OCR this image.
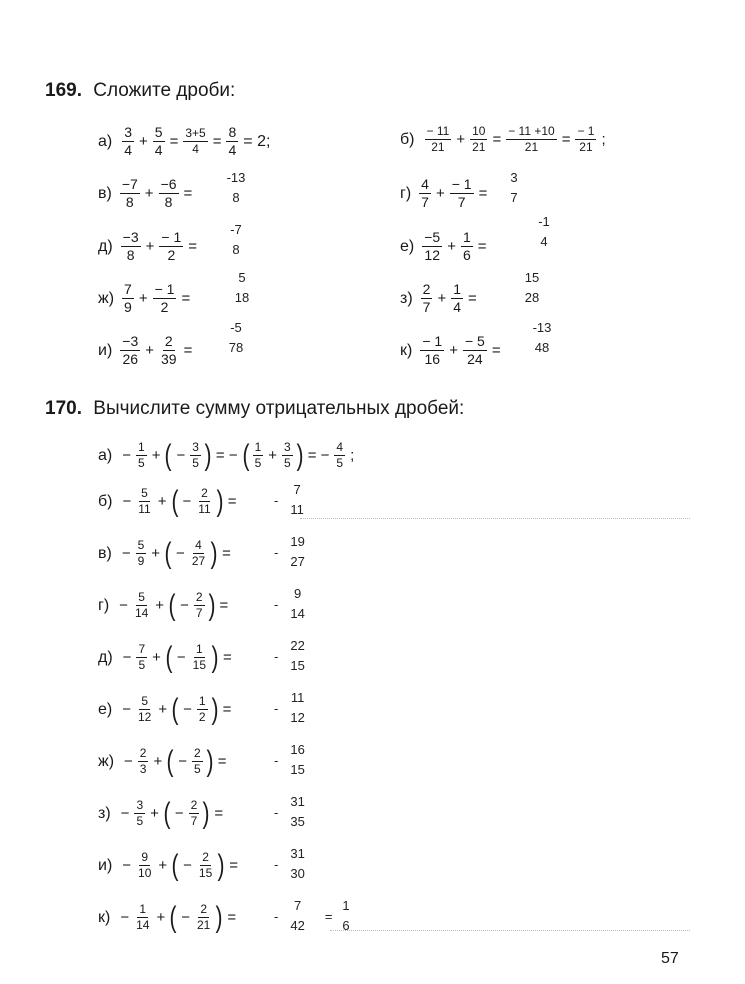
169. Сложите дроби:
$а) \frac{3}{4} + \frac{5}{4} = \frac{3+5}{4} = \frac{8}{4} = 2$;	$б) \frac{- 11}{21} + \frac{10}{21} = \frac{- 11 +10}{21} = \frac{- 1}{21}$ ;
$в) \frac{-7}{8} + \frac{-6}{8}$ =
-13
8
$д) \frac{-3}{8} + \frac{- 1}{2}$ =
-7
8
$ж) \frac{7}{9} + \frac{- 1}{2}$ =
5
18
$и) \frac{-3}{26} + \frac{2}{39}$ =
-5
78
$г) \frac{4}{7} + \frac{- 1}{7}$ =
3
7
$е) \frac{-5}{12} + \frac{1}{6}$ =
-1
4
$з) \frac{2}{7} + \frac{1}{4}$ =
15
28
$к) \frac{- 1}{16} + \frac{- 5}{24}$ =
-13
48
170. Вычислите сумму отрицательных дробей:
$а) - \frac{1}{5}$ + ( − $\frac{3}{5}$ ) = − ( $\frac{1}{5} + \frac{3}{5}$ ) = − $\frac{4}{5}$ ;
$б) - \frac{5}{11}$ + ( − $\frac{2}{11}$ ) =	-
7
11
$в) - \frac{5}{9}$ + ( − $\frac{4}{27}$ ) =	-
19
27
$г) - \frac{5}{14}$ + ( − $\frac{2}{7}$ ) =	-
9
14
$д) - \frac{7}{5}$ + ( − $\frac{1}{15}$ ) =	-
22
15
$е) - \frac{5}{12}$ + ( − $\frac{1}{2}$ ) =	-
11
12
$ж) - \frac{2}{3}$ + ( − $\frac{2}{5}$ ) =	-
16
15
$з) - \frac{3}{5}$ + ( − $\frac{2}{7}$ ) =	-
31
35
$и) - \frac{9}{10}$ + ( − $\frac{2}{15}$ ) =	-
31
30
$к) - \frac{1}{14}$ + ( − $\frac{2}{21}$ ) =	-
7
42
=
1
6
57
